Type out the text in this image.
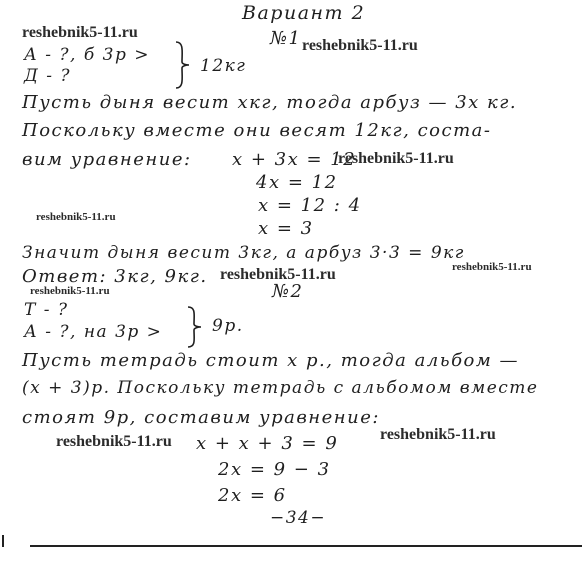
Вариант 2
№1
А - ?, б 3р >
Д - ?	12кг
Пусть дыня весит хкг, тогда арбуз — 3х кг.
Поскольку вместе они весят 12кг, соста-
вим уравнение: х + 3х = 12
4х = 12
х = 12 : 4
х = 3
Значит дыня весит 3кг, а арбуз 3·3 = 9кг
Ответ: 3кг, 9кг.
№2
Т - ?
А - ?, на 3р >	9р.
Пусть тетрадь стоит х р., тогда альбом —
(х + 3)р. Поскольку тетрадь с альбомом вместе
стоят 9р, составим уравнение:
х + х + 3 = 9
2х = 9 − 3
2х = 6
−34−
reshebnik5-11.ru
reshebnik5-11.ru
reshebnik5-11.ru
reshebnik5-11.ru
reshebnik5-11.ru
reshebnik5-11.ru
reshebnik5-11.ru
reshebnik5-11.ru	reshebnik5-11.ru
